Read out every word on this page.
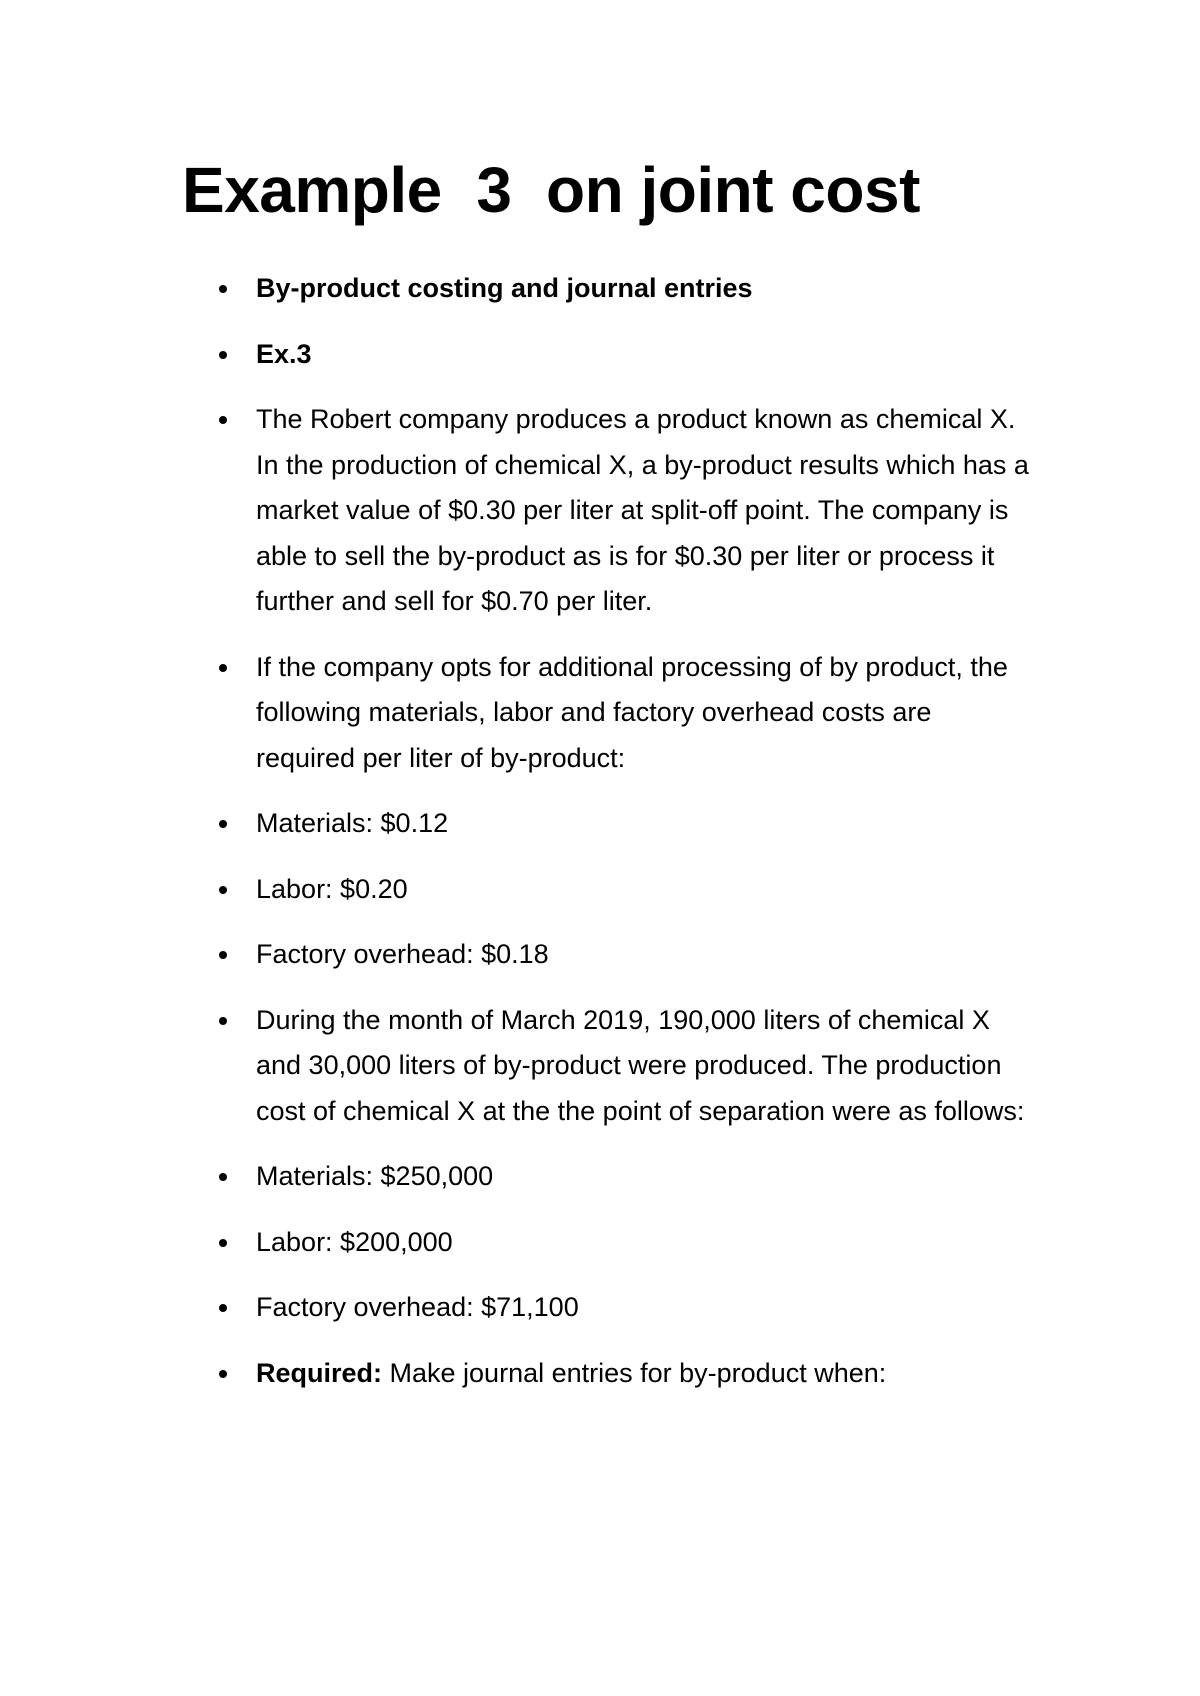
Example  3  on joint cost
By-product costing and journal entries
Ex.3
The Robert company produces a product known as chemical X. In the production of chemical X, a by-product results which has a market value of $0.30 per liter at split-off point. The company is able to sell the by-product as is for $0.30 per liter or process it further and sell for $0.70 per liter.
If the company opts for additional processing of by product, the following materials, labor and factory overhead costs are required per liter of by-product:
Materials: $0.12
Labor: $0.20
Factory overhead: $0.18
During the month of March 2019, 190,000 liters of chemical X and 30,000 liters of by-product were produced. The production cost of chemical X at the the point of separation were as follows:
Materials: $250,000
Labor: $200,000
Factory overhead: $71,100
Required: Make journal entries for by-product when:
